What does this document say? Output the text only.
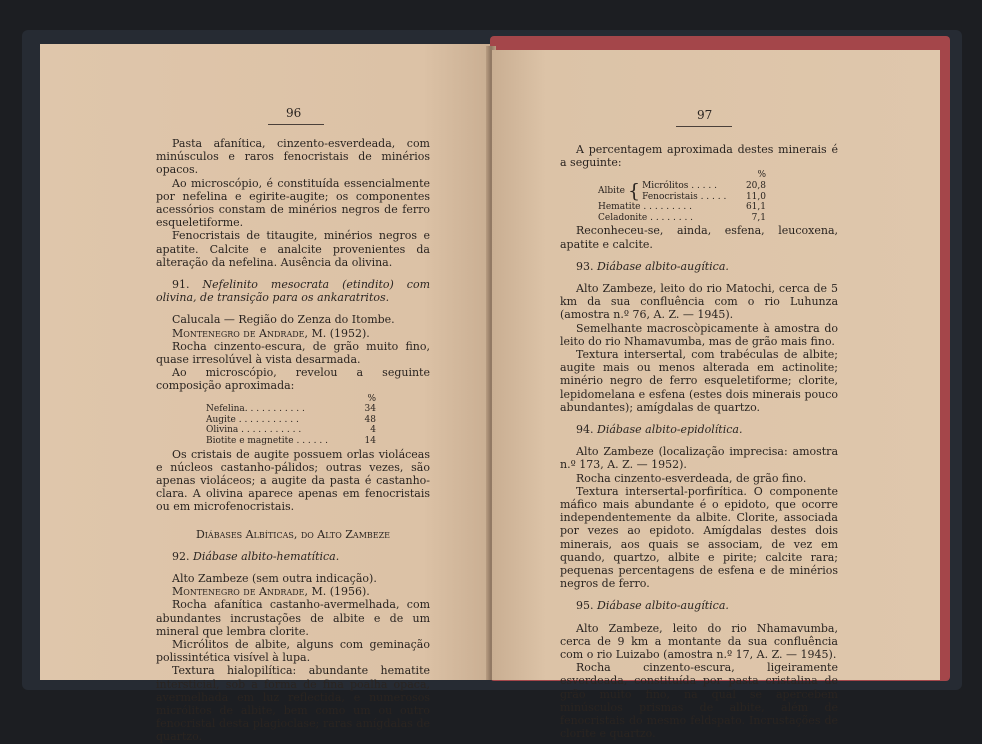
96

Pasta afanítica, cinzento-esverdeada, com minúsculos e raros fenocristais de minérios opacos.

Ao microscópio, é constituída essencialmente por nefelina e egirite-augite; os componentes acessórios constam de minérios negros de ferro esqueletiforme.

Fenocristais de titaugite, minérios negros e apatite. Calcite e analcite provenientes da alteração da nefelina. Ausência da olivina.

91. Nefelinito mesocrata (etindito) com olivina, de transição para os ankaratritos.

Calucala — Região do Zenza do Itombe.

Montenegro de Andrade, M. (1952).

Rocha cinzento-escura, de grão muito fino, quase irresolúvel à vista desarmada.

Ao microscópio, revelou a seguinte composição aproximada:

%
Nefelina. . . . . . . . . . .	34
Augite . . . . . . . . . . .	48
Olivina . . . . . . . . . . .	4
Biotite e magnetite . . . . . .	14

Os cristais de augite possuem orlas violáceas e núcleos castanho-pálidos; outras vezes, são apenas violáceos; a augite da pasta é castanho-clara. A olivina aparece apenas em fenocristais ou em microfenocristais.

Diábases Albíticas, do Alto Zambeze

92. Diábase albito-hematítica.

Alto Zambeze (sem outra indicação).

Montenegro de Andrade, M. (1956).

Rocha afanítica castanho-avermelhada, com abundantes incrustações de albite e de um mineral que lembra clorite.

Micrólitos de albite, alguns com geminação polissintética visível à lupa.

Textura hialopilítica: abundante hematite intersticial, sob a forma de fina poalha opaca, avermelhada em luz reflectida, e numerosos micrólitos de albite, bem como um ou outro fenocristal desta plagioclase; raras amígdalas de quartzo.

97

A percentagem aproximada destes minerais é a seguinte:

%
Albite { Micrólitos . . . . .	20,8
Fenocristais . . . . .	11,0
Hematite . . . . . . . . .	61,1
Celadonite . . . . . . . .	7,1

Reconheceu-se, ainda, esfena, leucoxena, apatite e calcite.

93. Diábase albito-augítica.

Alto Zambeze, leito do rio Matochi, cerca de 5 km da sua confluência com o rio Luhunza (amostra n.º 76, A. Z. — 1945).

Semelhante macroscòpicamente à amostra do leito do rio Nhamavumba, mas de grão mais fino.

Textura intersertal, com trabéculas de albite; augite mais ou menos alterada em actinolite; minério negro de ferro esqueletiforme; clorite, lepidomelana e esfena (estes dois minerais pouco abundantes); amígdalas de quartzo.

94. Diábase albito-epidolítica.

Alto Zambeze (localização imprecisa: amostra n.º 173, A. Z. — 1952).

Rocha cinzento-esverdeada, de grão fino.

Textura intersertal-porfirítica. O componente máfico mais abundante é o epidoto, que ocorre independentemente da albite. Clorite, associada por vezes ao epidoto. Amígdalas destes dois minerais, aos quais se associam, de vez em quando, quartzo, albite e pirite; calcite rara; pequenas percentagens de esfena e de minérios negros de ferro.

95. Diábase albito-augítica.

Alto Zambeze, leito do rio Nhamavumba, cerca de 9 km a montante da sua confluência com o rio Luizabo (amostra n.º 17, A. Z. — 1945).

Rocha cinzento-escura, ligeiramente esverdeada, constituída por pasta cristalina de grão muito fino, na qual se apercebem minúsculos prismas de albite, além de fenocristais do mesmo feldspato. Incrustações de clorite e quartzo.
